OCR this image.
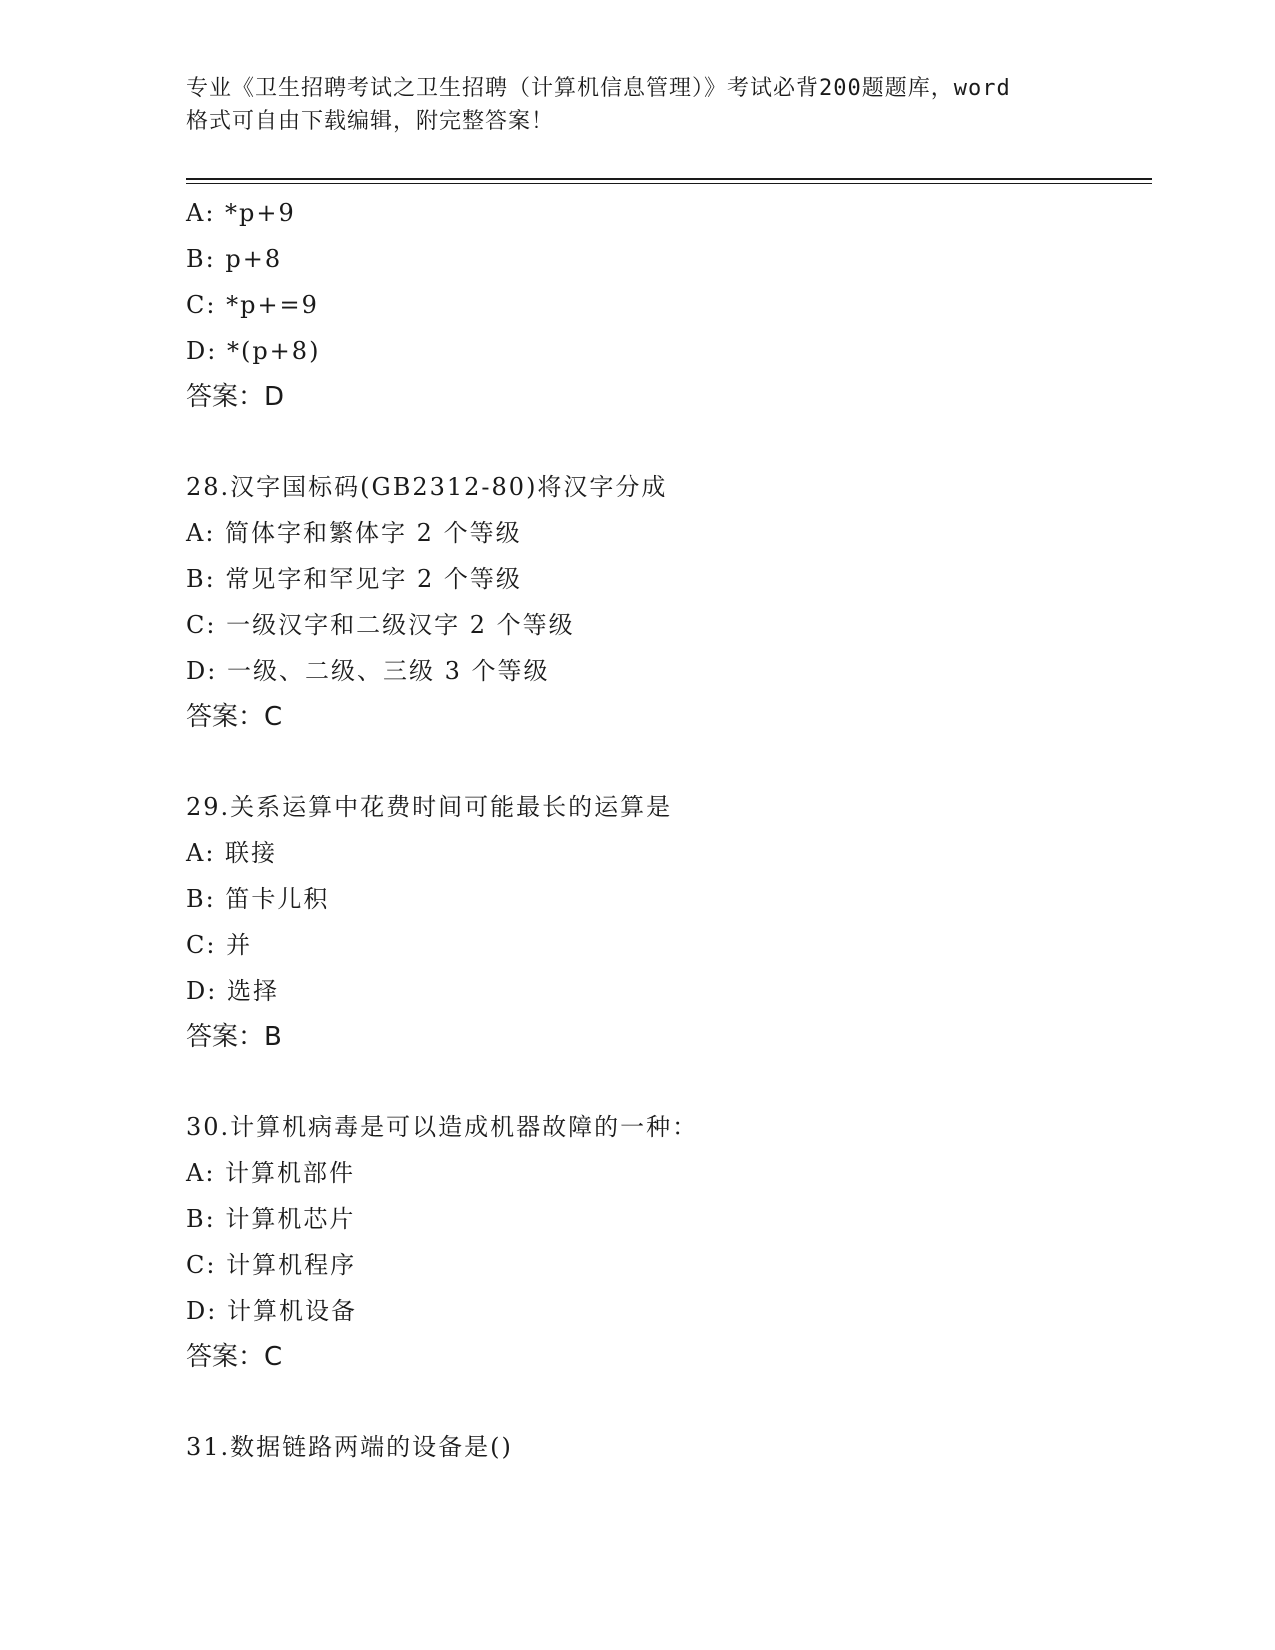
专业《卫生招聘考试之卫生招聘（计算机信息管理）》考试必背200题题库，word
格式可自由下载编辑，附完整答案！
A: *p+9
B: p+8
C: *p+=9
D: *(p+8)
答案：D
28.汉字国标码(GB2312-80)将汉字分成
A: 简体字和繁体字 2 个等级
B: 常见字和罕见字 2 个等级
C: 一级汉字和二级汉字 2 个等级
D: 一级、二级、三级 3 个等级
答案：C
29.关系运算中花费时间可能最长的运算是
A: 联接
B: 笛卡儿积
C: 并
D: 选择
答案：B
30.计算机病毒是可以造成机器故障的一种：
A: 计算机部件
B: 计算机芯片
C: 计算机程序
D: 计算机设备
答案：C
31.数据链路两端的设备是()
